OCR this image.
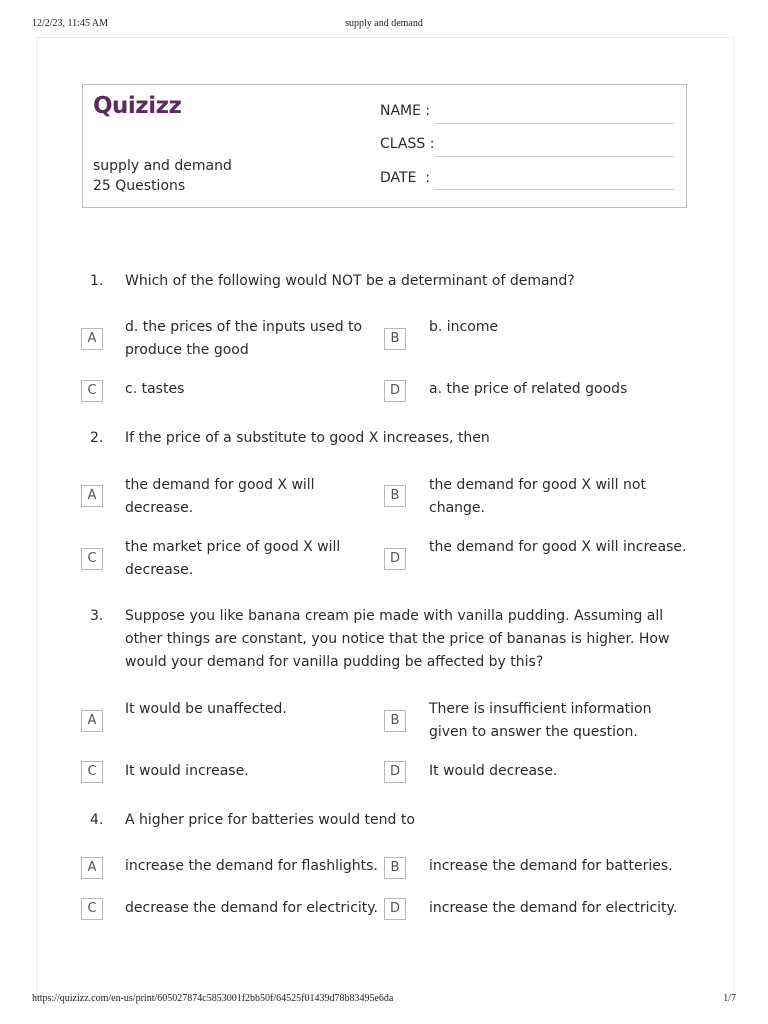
12/2/23, 11:45 AM	supply and demand
Quizizz
supply and demand
25 Questions
NAME :
CLASS :
DATE  :
1. Which of the following would NOT be a determinant of demand?
A
d. the prices of the inputs used to produce the good
B
b. income
C	c. tastes	D	a. the price of related goods
2. If the price of a substitute to good X increases, then
A
the demand for good X will decrease.
B
the demand for good X will not change.
C
the market price of good X will decrease.
D
the demand for good X will increase.
3. Suppose you like banana cream pie made with vanilla pudding. Assuming all other things are constant, you notice that the price of bananas is higher. How would your demand for vanilla pudding be affected by this?
A
It would be unaffected.
B
There is insufficient information given to answer the question.
C	It would increase.	D	It would decrease.
4. A higher price for batteries would tend to
A	increase the demand for flashlights. B	increase the demand for batteries.
C	decrease the demand for electricity. D	increase the demand for electricity.
https://quizizz.com/en-us/print/605027874c5853001f2bb50f/64525f01439d78b83495e6da	1/7
